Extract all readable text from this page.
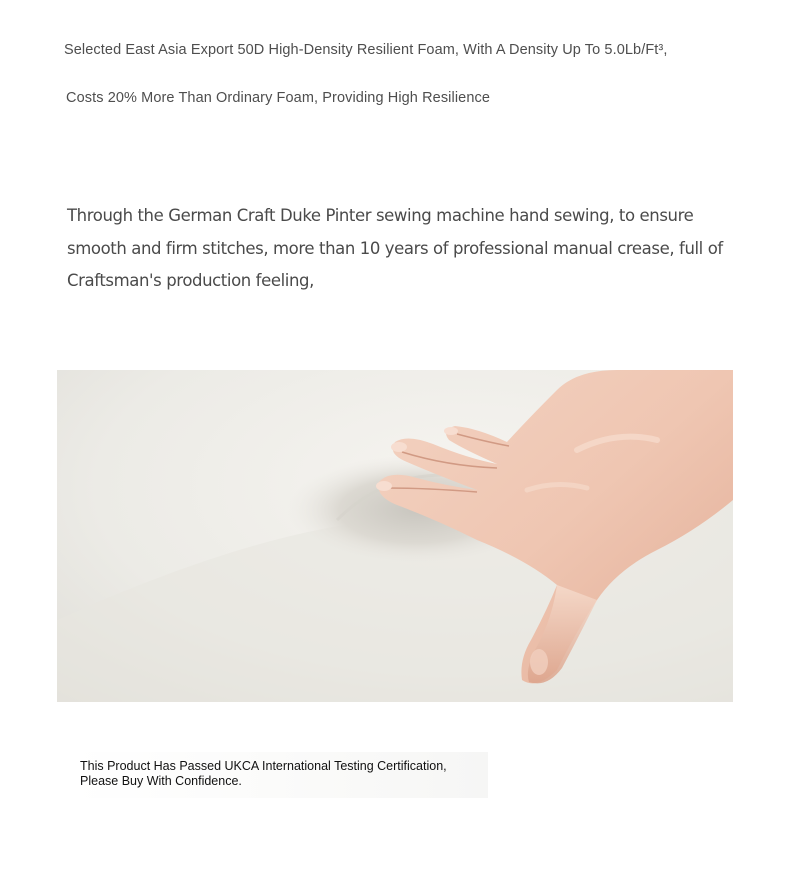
Selected East Asia Export 50D High-Density Resilient Foam, With A Density Up To 5.0Lb/Ft³,
Costs 20% More Than Ordinary Foam, Providing High Resilience
Through the German Craft Duke Pinter sewing machine hand sewing, to ensure smooth and firm stitches, more than 10 years of professional manual crease, full of Craftsman's production feeling,
This Product Has Passed UKCA International Testing Certification,
Please Buy With Confidence.
